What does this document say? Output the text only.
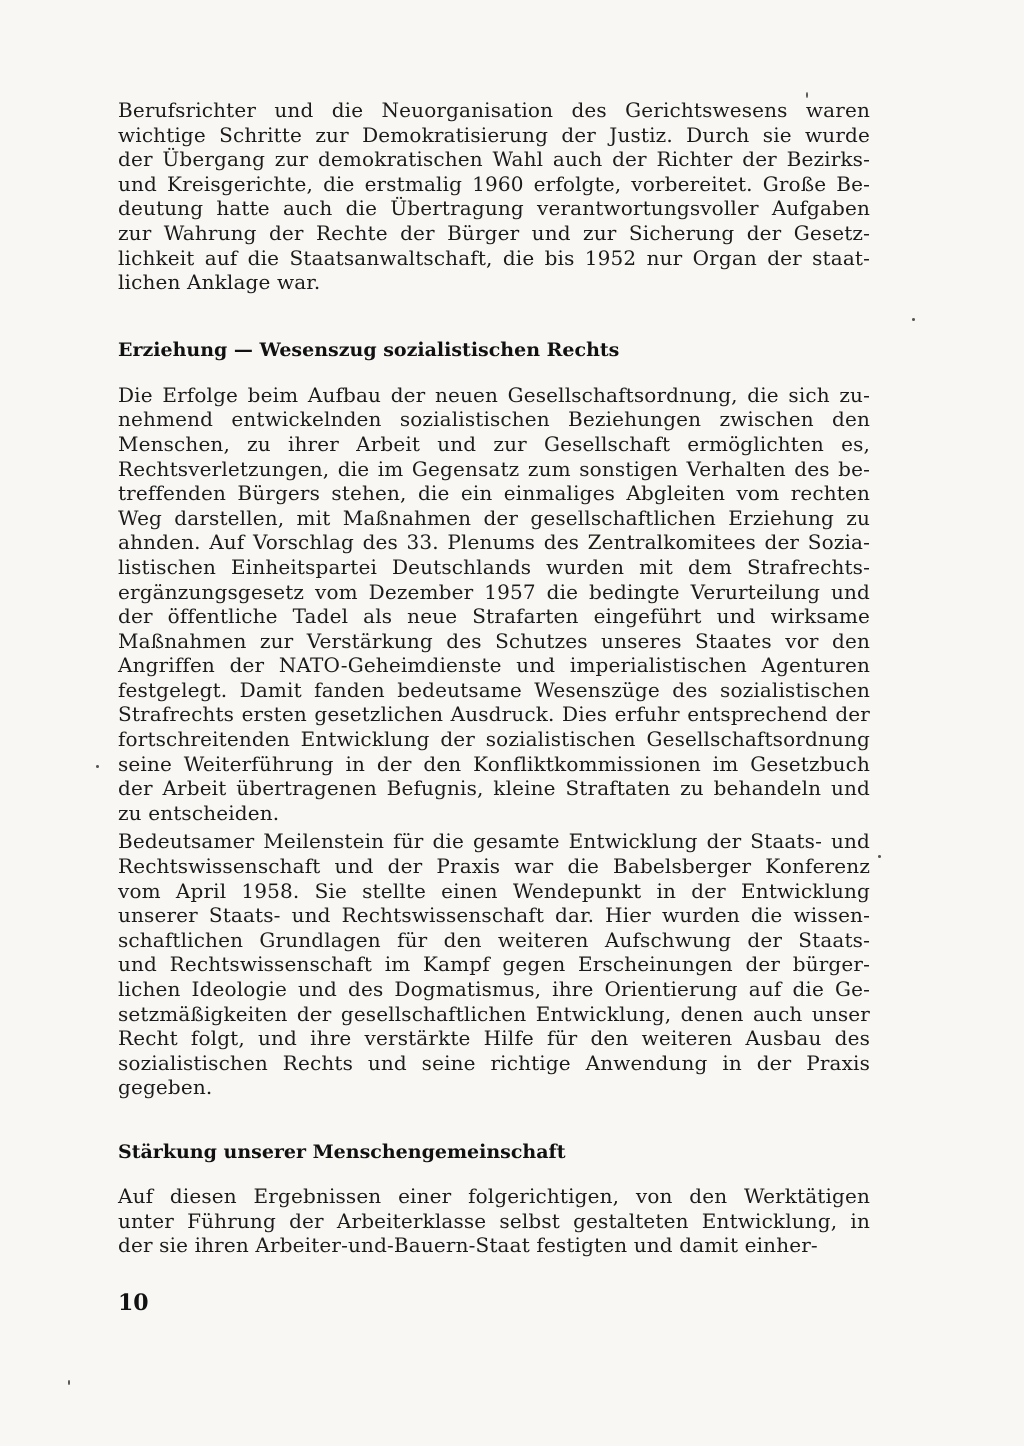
Berufsrichter und die Neuorganisation des Gerichtswesens waren
wichtige Schritte zur Demokratisierung der Justiz. Durch sie wurde
der Übergang zur demokratischen Wahl auch der Richter der Bezirks-
und Kreisgerichte, die erstmalig 1960 erfolgte, vorbereitet. Große Be-
deutung hatte auch die Übertragung verantwortungsvoller Aufgaben
zur Wahrung der Rechte der Bürger und zur Sicherung der Gesetz-
lichkeit auf die Staatsanwaltschaft, die bis 1952 nur Organ der staat-
lichen Anklage war.
Erziehung — Wesenszug sozialistischen Rechts
Die Erfolge beim Aufbau der neuen Gesellschaftsordnung, die sich zu-
nehmend entwickelnden sozialistischen Beziehungen zwischen den
Menschen, zu ihrer Arbeit und zur Gesellschaft ermöglichten es,
Rechtsverletzungen, die im Gegensatz zum sonstigen Verhalten des be-
treffenden Bürgers stehen, die ein einmaliges Abgleiten vom rechten
Weg darstellen, mit Maßnahmen der gesellschaftlichen Erziehung zu
ahnden. Auf Vorschlag des 33. Plenums des Zentralkomitees der Sozia-
listischen Einheitspartei Deutschlands wurden mit dem Strafrechts-
ergänzungsgesetz vom Dezember 1957 die bedingte Verurteilung und
der öffentliche Tadel als neue Strafarten eingeführt und wirksame
Maßnahmen zur Verstärkung des Schutzes unseres Staates vor den
Angriffen der NATO-Geheimdienste und imperialistischen Agenturen
festgelegt. Damit fanden bedeutsame Wesenszüge des sozialistischen
Strafrechts ersten gesetzlichen Ausdruck. Dies erfuhr entsprechend der
fortschreitenden Entwicklung der sozialistischen Gesellschaftsordnung
seine Weiterführung in der den Konfliktkommissionen im Gesetzbuch
der Arbeit übertragenen Befugnis, kleine Straftaten zu behandeln und
zu entscheiden.
Bedeutsamer Meilenstein für die gesamte Entwicklung der Staats- und
Rechtswissenschaft und der Praxis war die Babelsberger Konferenz
vom April 1958. Sie stellte einen Wendepunkt in der Entwicklung
unserer Staats- und Rechtswissenschaft dar. Hier wurden die wissen-
schaftlichen Grundlagen für den weiteren Aufschwung der Staats-
und Rechtswissenschaft im Kampf gegen Erscheinungen der bürger-
lichen Ideologie und des Dogmatismus, ihre Orientierung auf die Ge-
setzmäßigkeiten der gesellschaftlichen Entwicklung, denen auch unser
Recht folgt, und ihre verstärkte Hilfe für den weiteren Ausbau des
sozialistischen Rechts und seine richtige Anwendung in der Praxis
gegeben.
Stärkung unserer Menschengemeinschaft
Auf diesen Ergebnissen einer folgerichtigen, von den Werktätigen
unter Führung der Arbeiterklasse selbst gestalteten Entwicklung, in
der sie ihren Arbeiter-und-Bauern-Staat festigten und damit einher-
10
